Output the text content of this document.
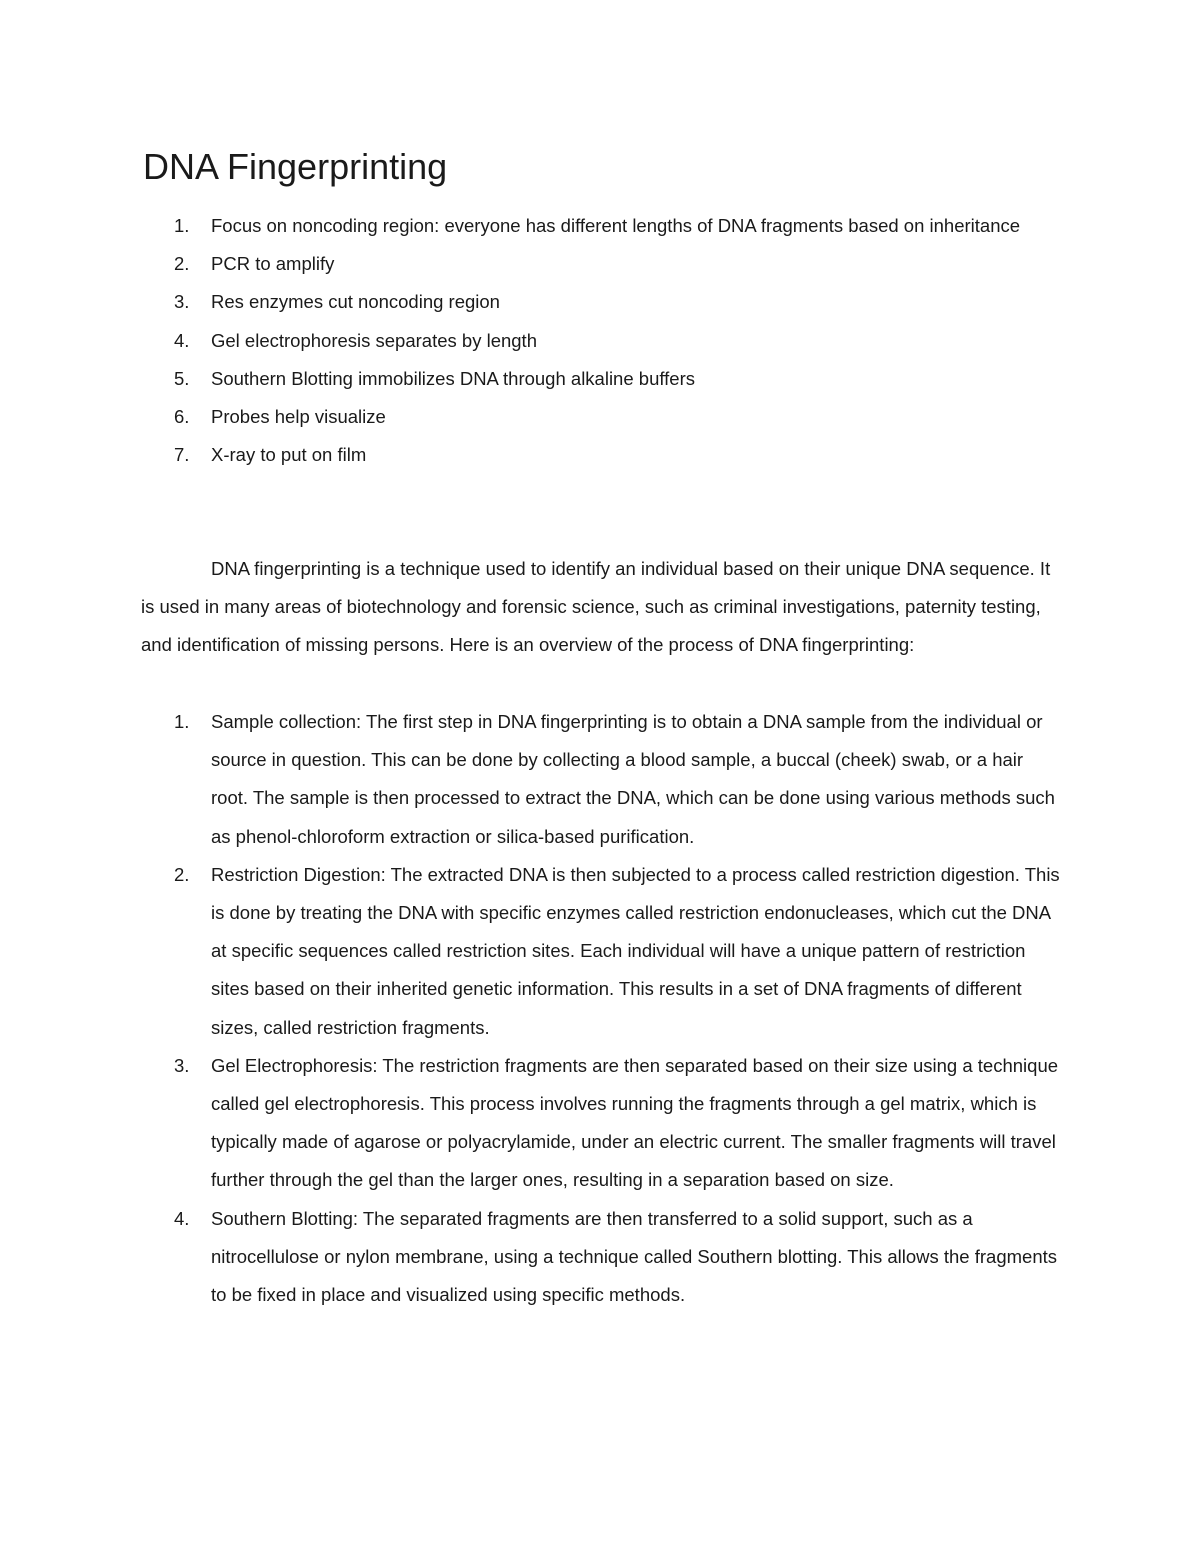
DNA Fingerprinting
1. Focus on noncoding region: everyone has different lengths of DNA fragments based on inheritance
2. PCR to amplify
3. Res enzymes cut noncoding region
4. Gel electrophoresis separates by length
5. Southern Blotting immobilizes DNA through alkaline buffers
6. Probes help visualize
7. X-ray to put on film

DNA fingerprinting is a technique used to identify an individual based on their unique DNA sequence. It is used in many areas of biotechnology and forensic science, such as criminal investigations, paternity testing, and identification of missing persons. Here is an overview of the process of DNA fingerprinting:

1. Sample collection: The first step in DNA fingerprinting is to obtain a DNA sample from the individual or source in question. This can be done by collecting a blood sample, a buccal (cheek) swab, or a hair root. The sample is then processed to extract the DNA, which can be done using various methods such as phenol-chloroform extraction or silica-based purification.
2. Restriction Digestion: The extracted DNA is then subjected to a process called restriction digestion. This is done by treating the DNA with specific enzymes called restriction endonucleases, which cut the DNA at specific sequences called restriction sites. Each individual will have a unique pattern of restriction sites based on their inherited genetic information. This results in a set of DNA fragments of different sizes, called restriction fragments.
3. Gel Electrophoresis: The restriction fragments are then separated based on their size using a technique called gel electrophoresis. This process involves running the fragments through a gel matrix, which is typically made of agarose or polyacrylamide, under an electric current. The smaller fragments will travel further through the gel than the larger ones, resulting in a separation based on size.
4. Southern Blotting: The separated fragments are then transferred to a solid support, such as a nitrocellulose or nylon membrane, using a technique called Southern blotting. This allows the fragments to be fixed in place and visualized using specific methods.
